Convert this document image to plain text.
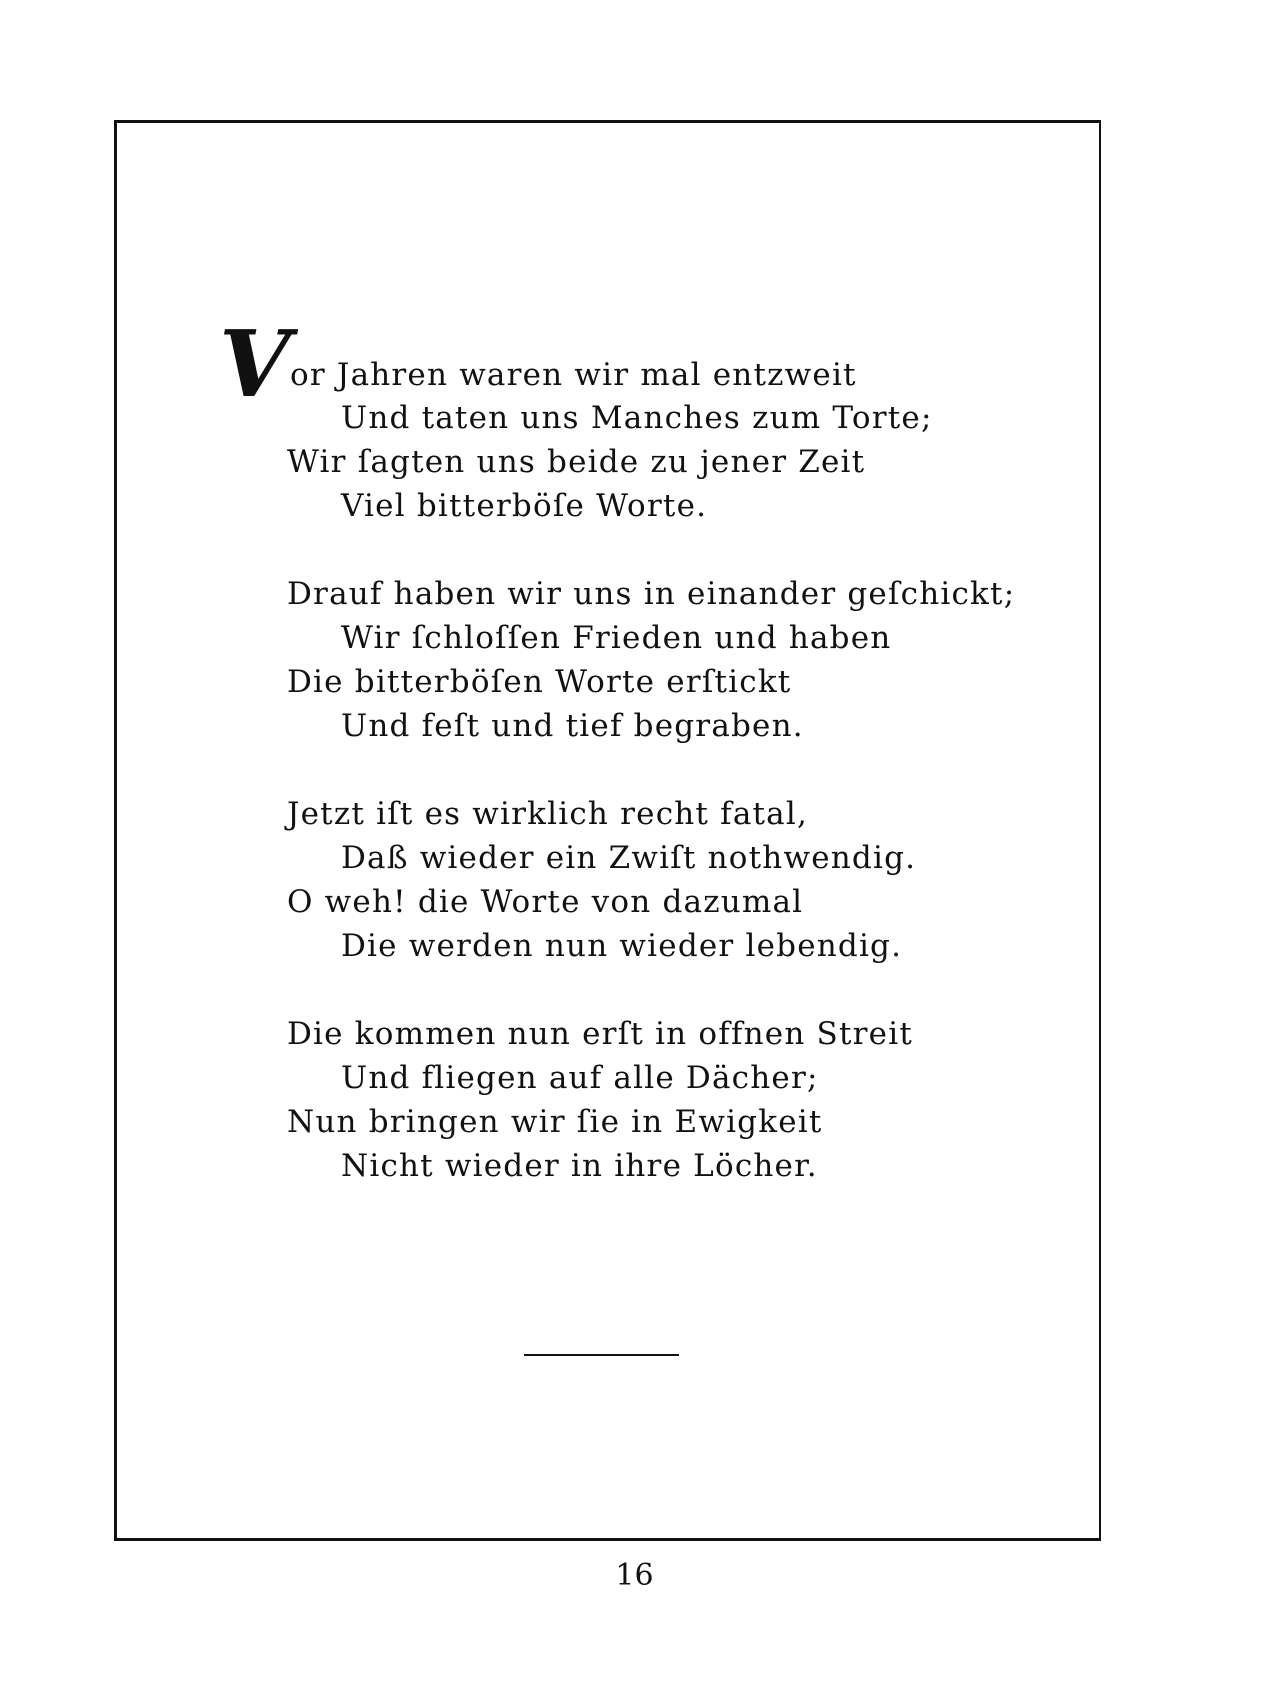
V or Jahren waren wir mal entzweit
Und taten uns Manches zum Torte;
Wir ſagten uns beide zu jener Zeit
Viel bitterböſe Worte.
Drauf haben wir uns in einander geſchickt;
Wir ſchloſſen Frieden und haben
Die bitterböſen Worte erſtickt
Und feſt und tief begraben.
Jetzt iſt es wirklich recht fatal,
Daß wieder ein Zwiſt nothwendig.
O weh! die Worte von dazumal
Die werden nun wieder lebendig.
Die kommen nun erſt in offnen Streit
Und fliegen auf alle Dächer;
Nun bringen wir ſie in Ewigkeit
Nicht wieder in ihre Löcher.
16
